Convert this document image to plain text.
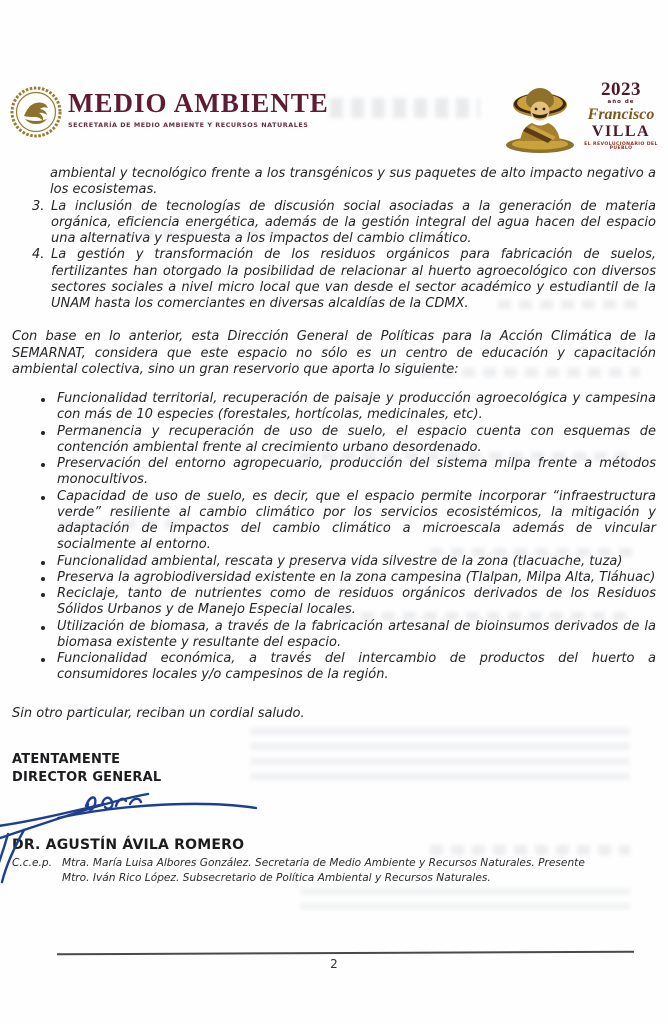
MEDIO AMBIENTE
SECRETARÍA DE MEDIO AMBIENTE Y RECURSOS NATURALES
2023
año de
Francisco
VILLA
EL REVOLUCIONARIO DEL PUEBLO

ambiental y tecnológico frente a los transgénicos y sus paquetes de alto impacto negativo a los ecosistemas.

3. La inclusión de tecnologías de discusión social asociadas a la generación de materia orgánica, eficiencia energética, además de la gestión integral del agua hacen del espacio una alternativa y respuesta a los impactos del cambio climático.
4. La gestión y transformación de los residuos orgánicos para fabricación de suelos, fertilizantes han otorgado la posibilidad de relacionar al huerto agroecológico con diversos sectores sociales a nivel micro local que van desde el sector académico y estudiantil de la UNAM hasta los comerciantes en diversas alcaldías de la CDMX.

Con base en lo anterior, esta Dirección General de Políticas para la Acción Climática de la SEMARNAT, considera que este espacio no sólo es un centro de educación y capacitación ambiental colectiva, sino un gran reservorio que aporta lo siguiente:

Funcionalidad territorial, recuperación de paisaje y producción agroecológica y campesina con más de 10 especies (forestales, hortícolas, medicinales, etc).
Permanencia y recuperación de uso de suelo, el espacio cuenta con esquemas de contención ambiental frente al crecimiento urbano desordenado.
Preservación del entorno agropecuario, producción del sistema milpa frente a métodos monocultivos.
Capacidad de uso de suelo, es decir, que el espacio permite incorporar “infraestructura verde” resiliente al cambio climático por los servicios ecosistémicos, la mitigación y adaptación de impactos del cambio climático a microescala además de vincular socialmente al entorno.
Funcionalidad ambiental, rescata y preserva vida silvestre de la zona (tlacuache, tuza)
Preserva la agrobiodiversidad existente en la zona campesina (Tlalpan, Milpa Alta, Tláhuac)
Reciclaje, tanto de nutrientes como de residuos orgánicos derivados de los Residuos Sólidos Urbanos y de Manejo Especial locales.
Utilización de biomasa, a través de la fabricación artesanal de bioinsumos derivados de la biomasa existente y resultante del espacio.
Funcionalidad económica, a través del intercambio de productos del huerto a consumidores locales y/o campesinos de la región.

Sin otro particular, reciban un cordial saludo.

ATENTAMENTE
DIRECTOR GENERAL
DR. AGUSTÍN ÁVILA ROMERO
C.c.e.p. Mtra. María Luisa Albores González. Secretaria de Medio Ambiente y Recursos Naturales. Presente
Mtro. Iván Rico López. Subsecretario de Política Ambiental y Recursos Naturales.
2
